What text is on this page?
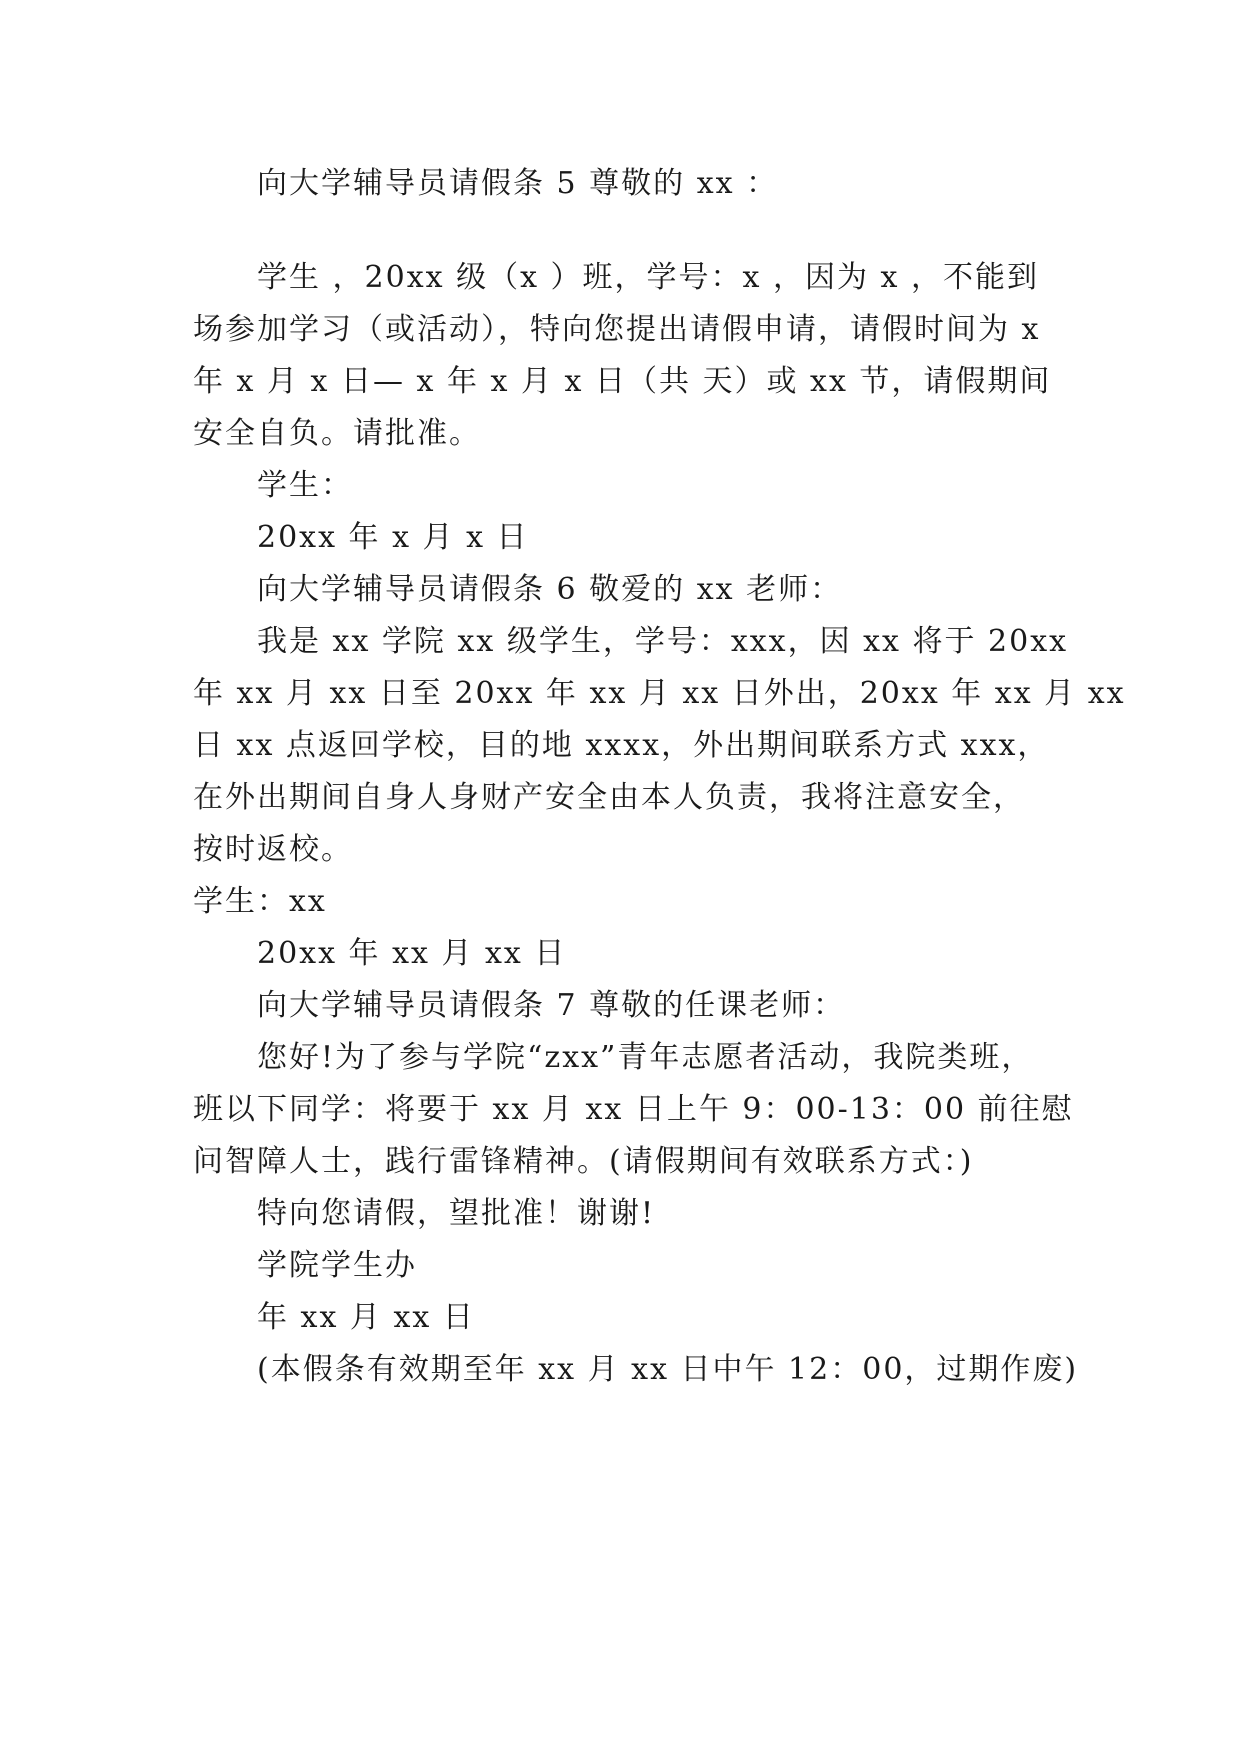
向大学辅导员请假条 5 尊敬的 xx ：
学生 ，20xx 级（x ）班，学号：x ，因为 x ，不能到
场参加学习（或活动），特向您提出请假申请，请假时间为 x
年 x 月 x 日— x 年 x 月 x 日（共 天）或 xx 节，请假期间
安全自负。请批准。
学生：
20xx 年 x 月 x 日
向大学辅导员请假条 6 敬爱的 xx 老师：
我是 xx 学院 xx 级学生，学号：xxx，因 xx 将于 20xx
年 xx 月 xx 日至 20xx 年 xx 月 xx 日外出，20xx 年 xx 月 xx
日 xx 点返回学校，目的地 xxxx，外出期间联系方式 xxx，
在外出期间自身人身财产安全由本人负责，我将注意安全，
按时返校。
学生：xx
20xx 年 xx 月 xx 日
向大学辅导员请假条 7 尊敬的任课老师：
您好!为了参与学院“zxx”青年志愿者活动，我院类班，
班以下同学：将要于 xx 月 xx 日上午 9：00-13：00 前往慰
问智障人士，践行雷锋精神。(请假期间有效联系方式：)
特向您请假，望批准！谢谢!
学院学生办
年 xx 月 xx 日
(本假条有效期至年 xx 月 xx 日中午 12：00，过期作废)
